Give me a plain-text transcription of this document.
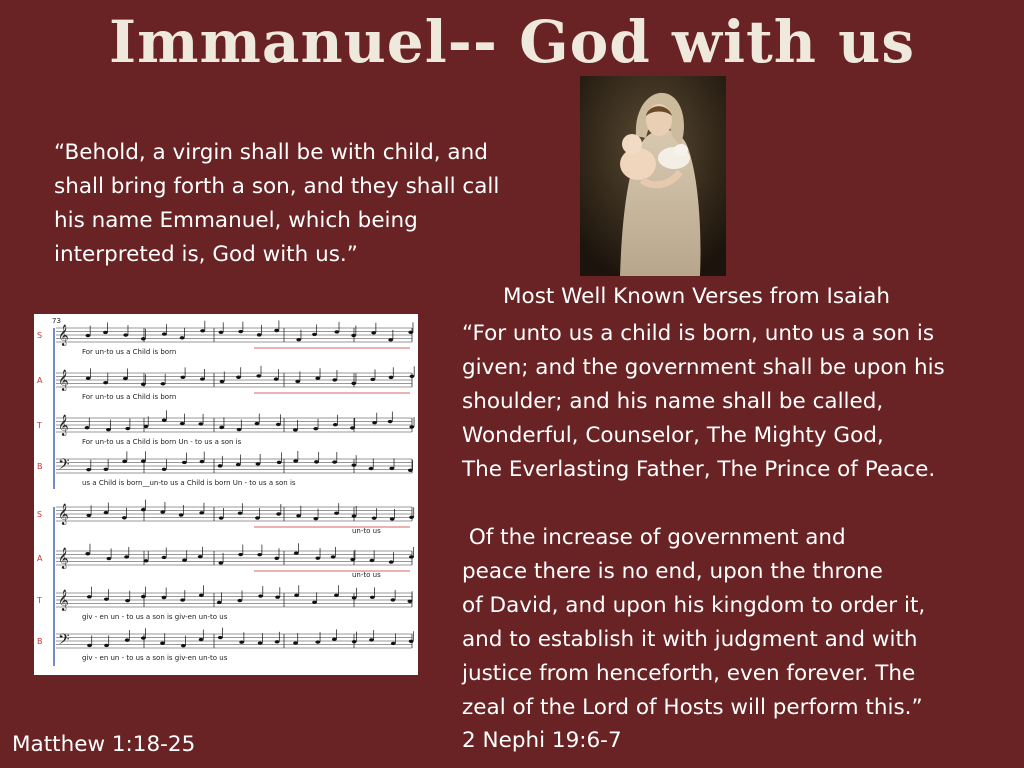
Immanuel-- God with us
“Behold, a virgin shall be with child, and
shall bring forth a son, and they shall call
his name Emmanuel, which being
interpreted is, God with us.”
Most Well Known Verses from Isaiah
“For unto us a child is born, unto us a son is
given; and the government shall be upon his
shoulder; and his name shall be called,
Wonderful, Counselor, The Mighty God,
The Everlasting Father, The Prince of Peace.
Of the increase of government and
peace there is no end, upon the throne
of David, and upon his kingdom to order it,
and to establish it with judgment and with
justice from henceforth, even forever. The
zeal of the Lord of Hosts will perform this.”
73
S 𝄞
For un-to us a Child is born
A 𝄞
For un-to us a Child is born
T 𝄞
For un-to us a Child is born Un - to us a son is
B 𝄢
us a Child is born__un-to us a Child is born Un - to us a son is
S 𝄞
un-to us
A 𝄞
un-to us
T 𝄞
giv - en un - to us a son is giv-en un-to us
B 𝄢
giv - en un - to us a son is giv-en un-to us
Matthew 1:18-25	2 Nephi 19:6-7
